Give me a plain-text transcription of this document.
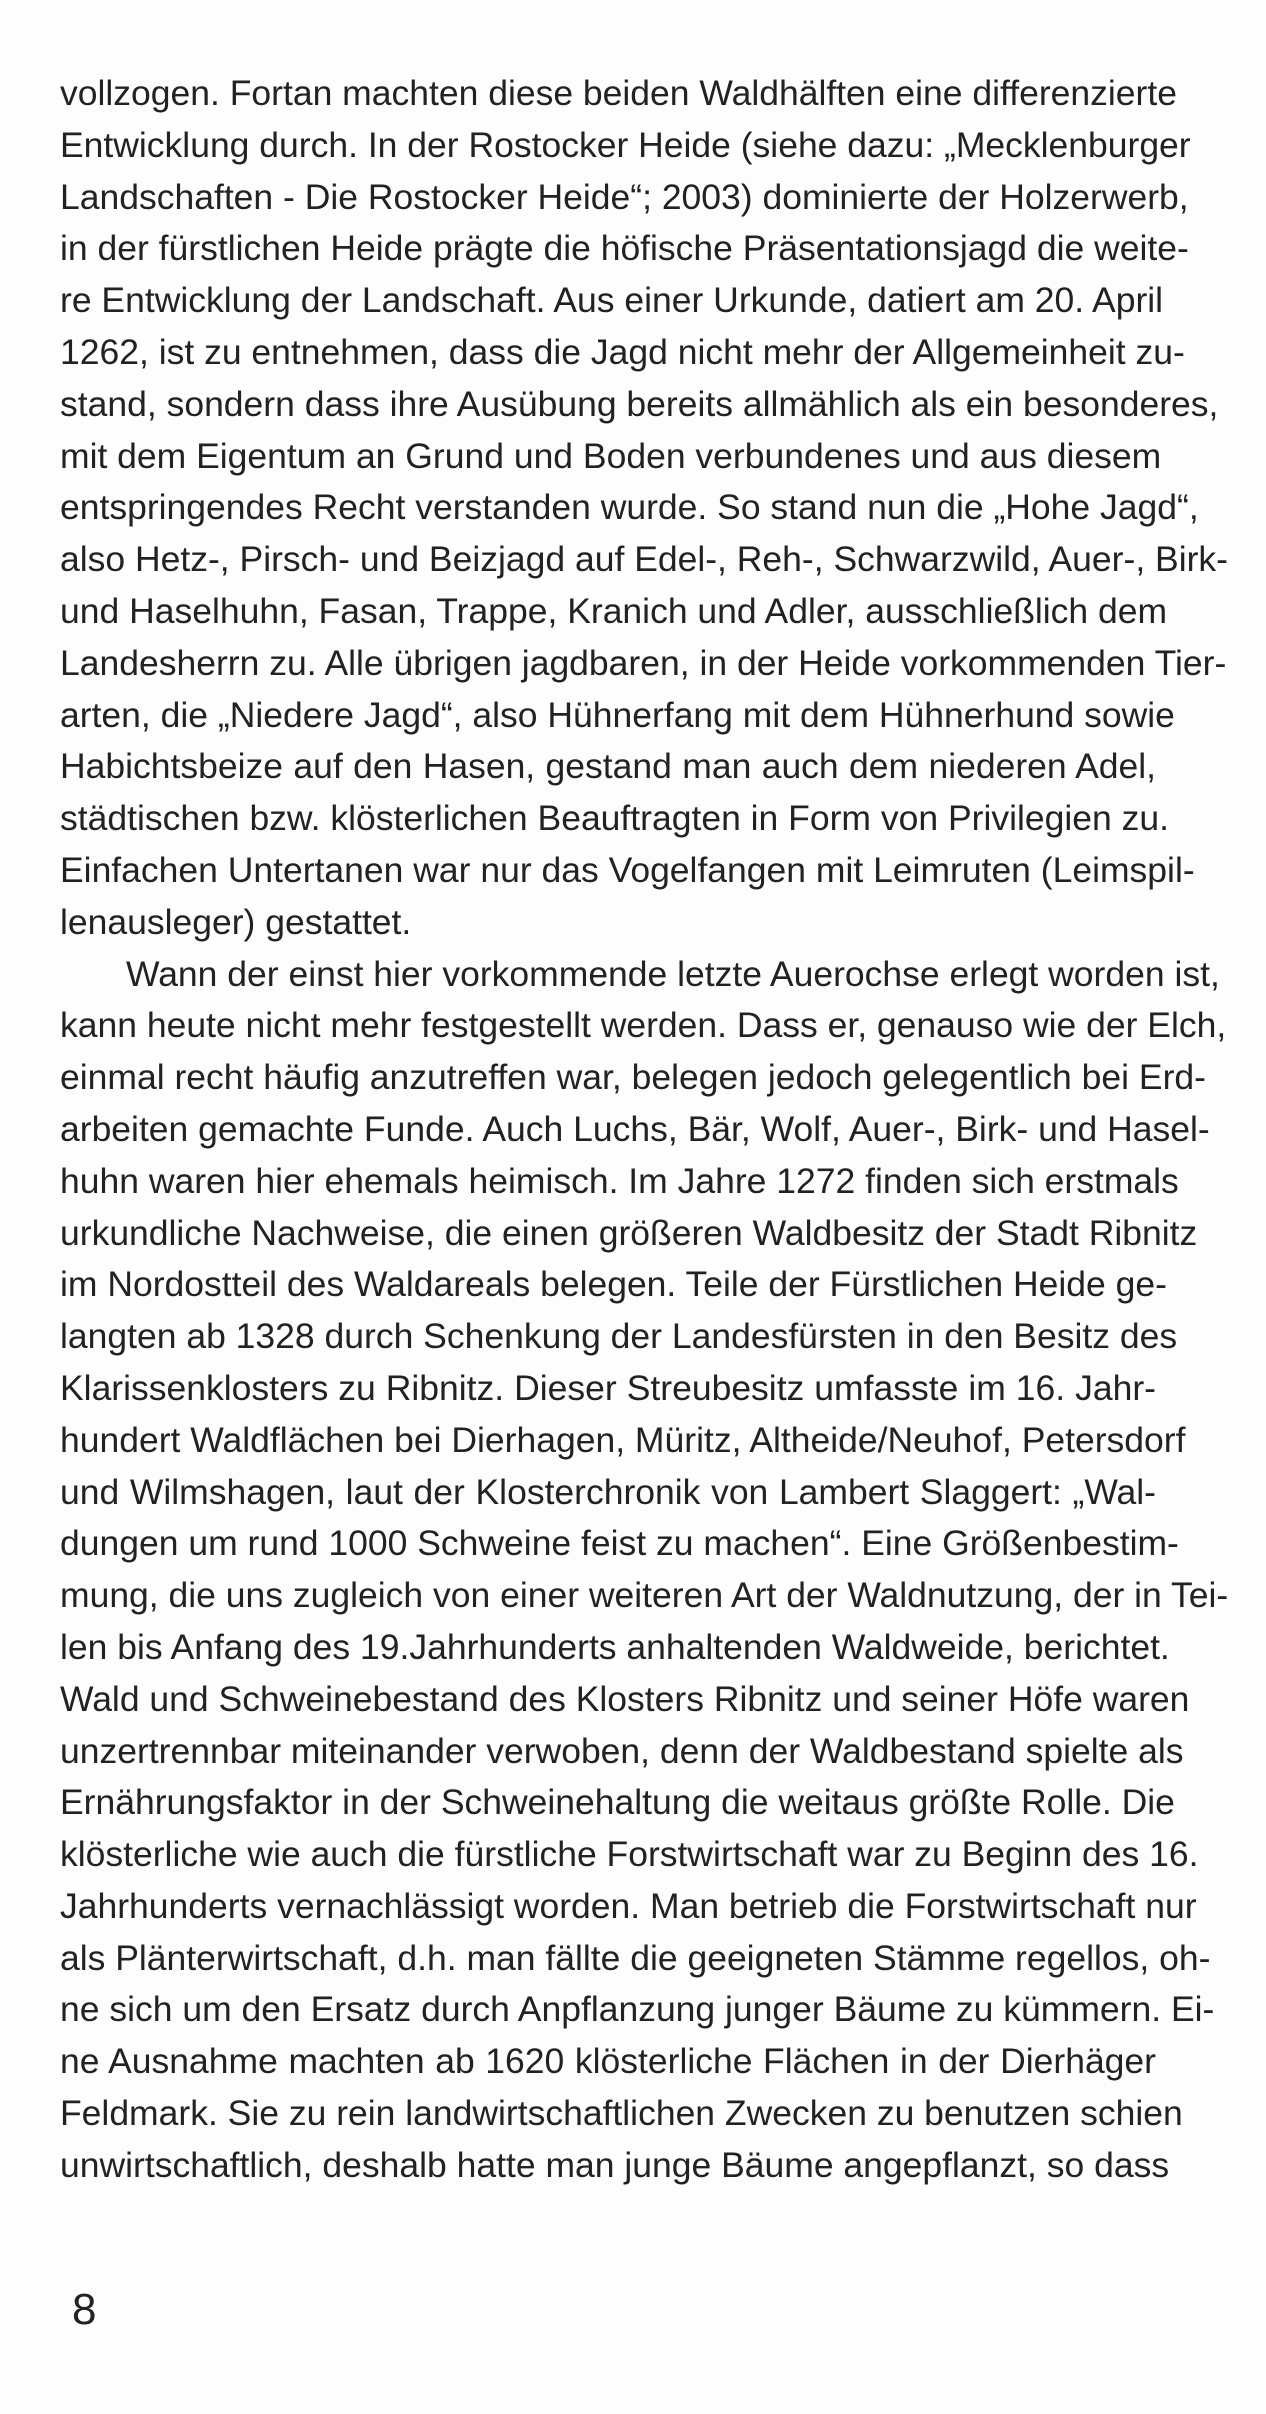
vollzogen. Fortan machten diese beiden Waldhälften eine differenzierte
Entwicklung durch. In der Rostocker Heide (siehe dazu: „Mecklenburger
Landschaften - Die Rostocker Heide“; 2003) dominierte der Holzerwerb,
in der fürstlichen Heide prägte die höfische Präsentationsjagd die weite-
re Entwicklung der Landschaft. Aus einer Urkunde, datiert am 20. April
1262, ist zu entnehmen, dass die Jagd nicht mehr der Allgemeinheit zu-
stand, sondern dass ihre Ausübung bereits allmählich als ein besonderes,
mit dem Eigentum an Grund und Boden verbundenes und aus diesem
entspringendes Recht verstanden wurde. So stand nun die „Hohe Jagd“,
also Hetz-, Pirsch- und Beizjagd auf Edel-, Reh-, Schwarzwild, Auer-, Birk-
und Haselhuhn, Fasan, Trappe, Kranich und Adler, ausschließlich dem
Landesherrn zu. Alle übrigen jagdbaren, in der Heide vorkommenden Tier-
arten, die „Niedere Jagd“, also Hühnerfang mit dem Hühnerhund sowie
Habichtsbeize auf den Hasen, gestand man auch dem niederen Adel,
städtischen bzw. klösterlichen Beauftragten in Form von Privilegien zu.
Einfachen Untertanen war nur das Vogelfangen mit Leimruten (Leimspil-
lenausleger) gestattet.
Wann der einst hier vorkommende letzte Auerochse erlegt worden ist,
kann heute nicht mehr festgestellt werden. Dass er, genauso wie der Elch,
einmal recht häufig anzutreffen war, belegen jedoch gelegentlich bei Erd-
arbeiten gemachte Funde. Auch Luchs, Bär, Wolf, Auer-, Birk- und Hasel-
huhn waren hier ehemals heimisch. Im Jahre 1272 finden sich erstmals
urkundliche Nachweise, die einen größeren Waldbesitz der Stadt Ribnitz
im Nordostteil des Waldareals belegen. Teile der Fürstlichen Heide ge-
langten ab 1328 durch Schenkung der Landesfürsten in den Besitz des
Klarissenklosters zu Ribnitz. Dieser Streubesitz umfasste im 16. Jahr-
hundert Waldflächen bei Dierhagen, Müritz, Altheide/Neuhof, Petersdorf
und Wilmshagen, laut der Klosterchronik von Lambert Slaggert: „Wal-
dungen um rund 1000 Schweine feist zu machen“. Eine Größenbestim-
mung, die uns zugleich von einer weiteren Art der Waldnutzung, der in Tei-
len bis Anfang des 19.Jahrhunderts anhaltenden Waldweide, berichtet.
Wald und Schweinebestand des Klosters Ribnitz und seiner Höfe waren
unzertrennbar miteinander verwoben, denn der Waldbestand spielte als
Ernährungsfaktor in der Schweinehaltung die weitaus größte Rolle. Die
klösterliche wie auch die fürstliche Forstwirtschaft war zu Beginn des 16.
Jahrhunderts vernachlässigt worden. Man betrieb die Forstwirtschaft nur
als Plänterwirtschaft, d.h. man fällte die geeigneten Stämme regellos, oh-
ne sich um den Ersatz durch Anpflanzung junger Bäume zu kümmern. Ei-
ne Ausnahme machten ab 1620 klösterliche Flächen in der Dierhäger
Feldmark. Sie zu rein landwirtschaftlichen Zwecken zu benutzen schien
unwirtschaftlich, deshalb hatte man junge Bäume angepflanzt, so dass
8
